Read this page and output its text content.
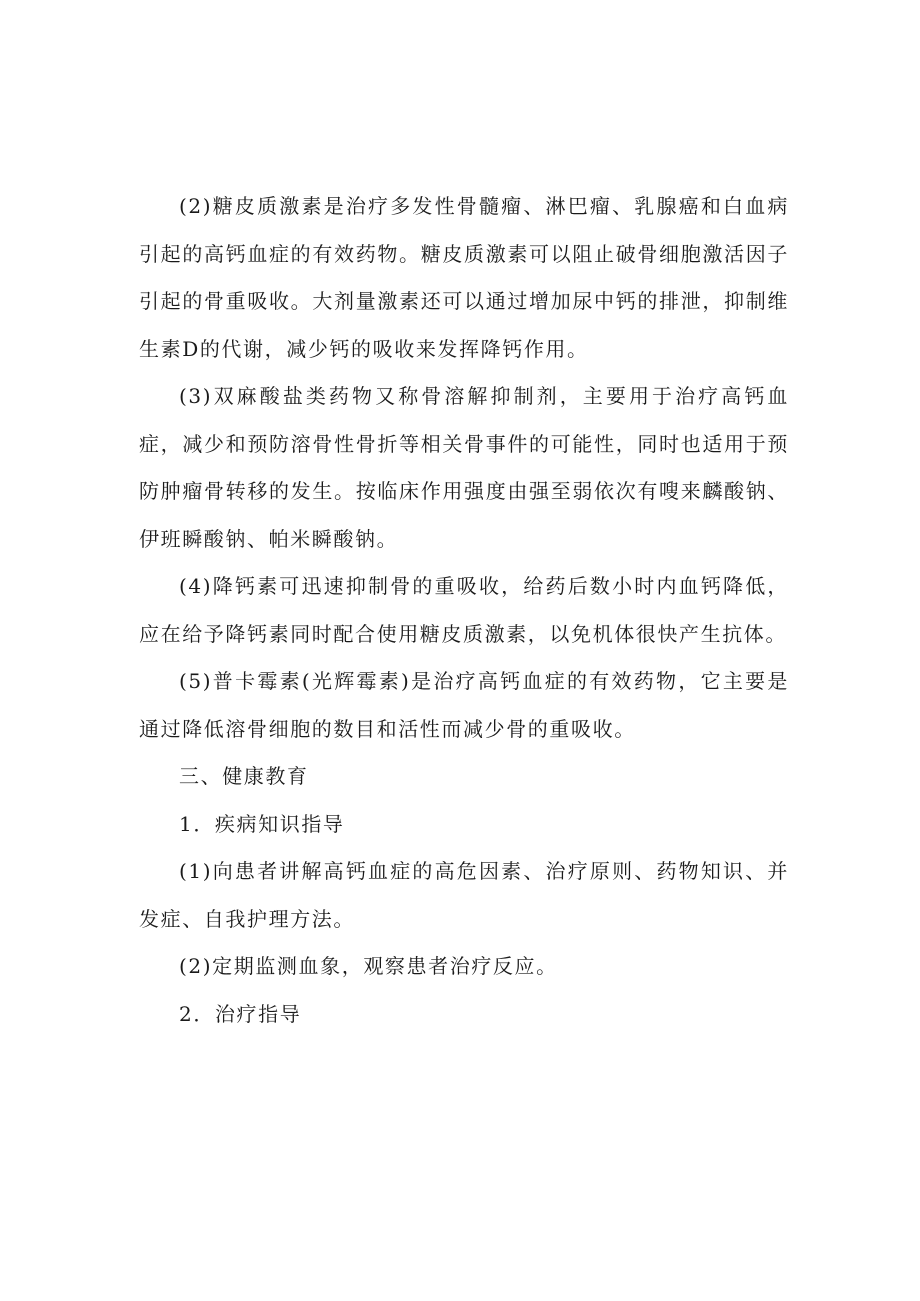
(2)糖皮质激素是治疗多发性骨髓瘤、淋巴瘤、乳腺癌和白血病引起的高钙血症的有效药物。糖皮质激素可以阻止破骨细胞激活因子引起的骨重吸收。大剂量激素还可以通过增加尿中钙的排泄，抑制维生素D的代谢，减少钙的吸收来发挥降钙作用。

(3)双麻酸盐类药物又称骨溶解抑制剂，主要用于治疗高钙血症，减少和预防溶骨性骨折等相关骨事件的可能性，同时也适用于预防肿瘤骨转移的发生。按临床作用强度由强至弱依次有嗖来麟酸钠、伊班瞬酸钠、帕米瞬酸钠。

(4)降钙素可迅速抑制骨的重吸收，给药后数小时内血钙降低，应在给予降钙素同时配合使用糖皮质激素，以免机体很快产生抗体。

(5)普卡霉素(光辉霉素)是治疗高钙血症的有效药物，它主要是通过降低溶骨细胞的数目和活性而减少骨的重吸收。

三、健康教育

1．疾病知识指导

(1)向患者讲解高钙血症的高危因素、治疗原则、药物知识、并发症、自我护理方法。

(2)定期监测血象，观察患者治疗反应。

2．治疗指导
